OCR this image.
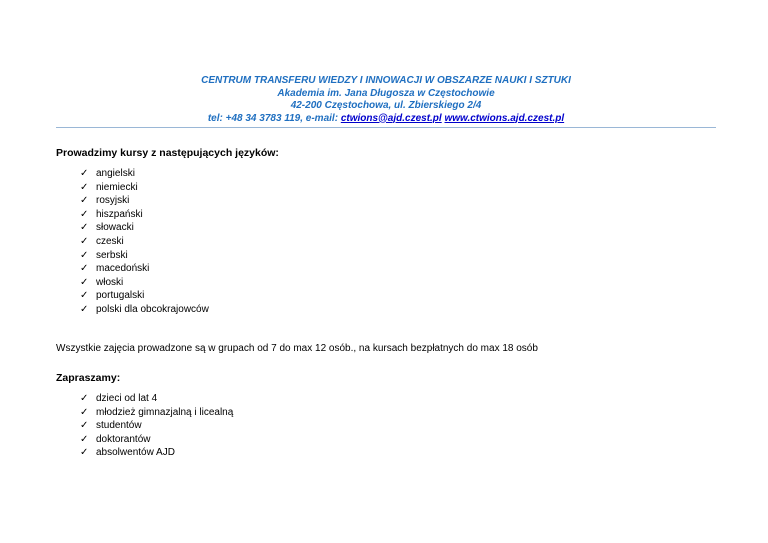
CENTRUM TRANSFERU WIEDZY I INNOWACJI W OBSZARZE NAUKI I SZTUKI
Akademia im. Jana Długosza w Częstochowie
42-200 Częstochowa, ul. Zbierskiego 2/4
tel: +48 34 3783 119, e-mail: ctwions@ajd.czest.pl www.ctwions.ajd.czest.pl
Prowadzimy kursy z następujących języków:
✓ angielski
✓ niemiecki
✓ rosyjski
✓ hiszpański
✓ słowacki
✓ czeski
✓ serbski
✓ macedoński
✓ włoski
✓ portugalski
✓ polski dla obcokrajowców
Wszystkie zajęcia prowadzone są w grupach od 7 do max 12 osób., na kursach bezpłatnych do max 18 osób
Zapraszamy:
✓ dzieci od lat 4
✓ młodzież gimnazjalną i licealną
✓ studentów
✓ doktorantów
✓ absolwentów AJD
